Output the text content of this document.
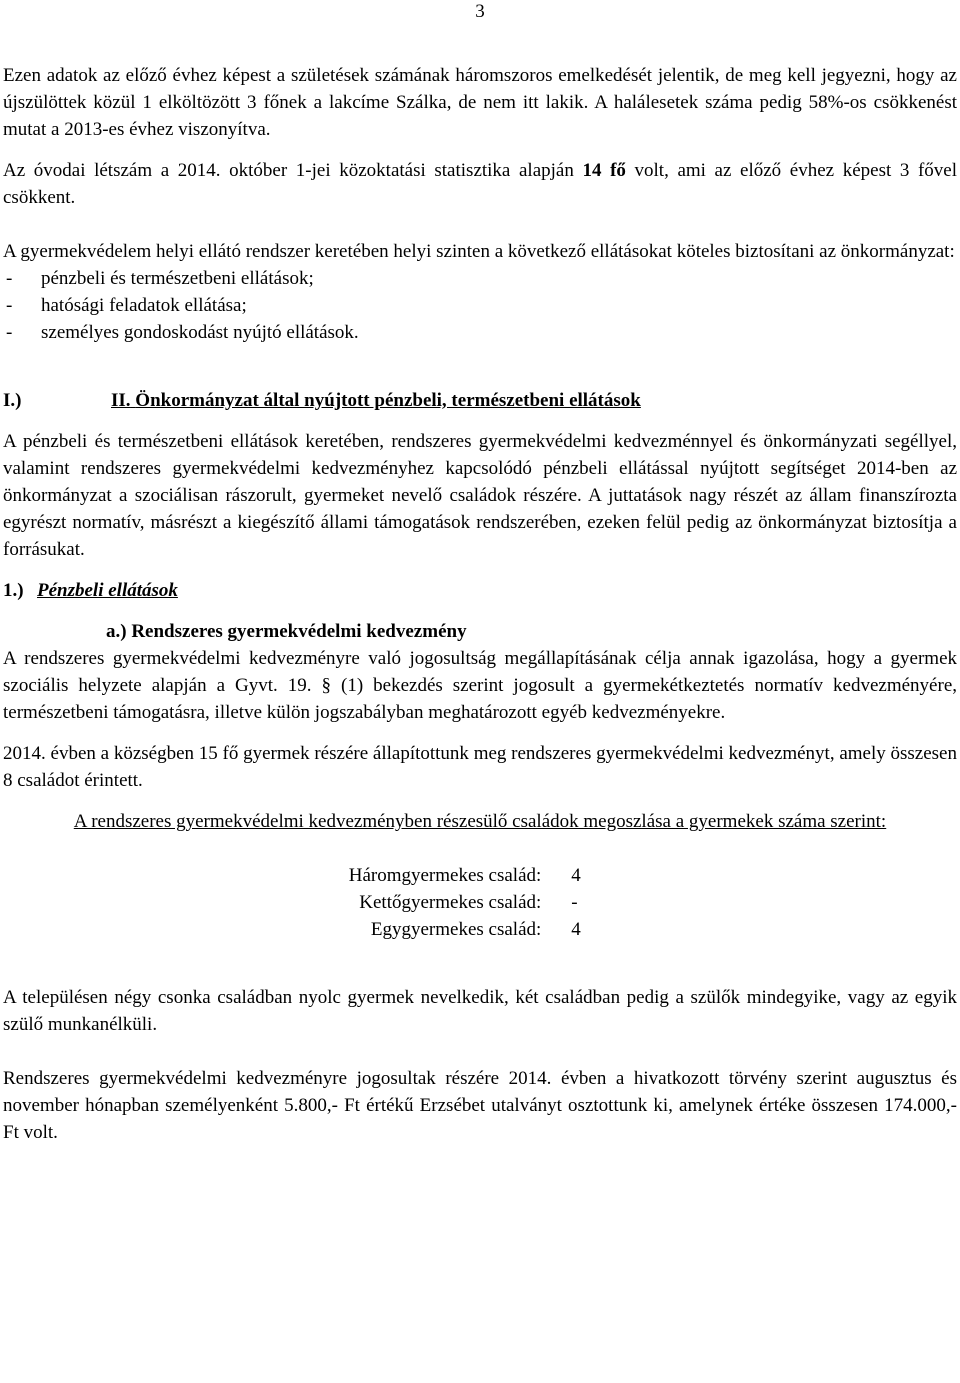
3

Ezen adatok az előző évhez képest a születések számának háromszoros emelkedését jelentik, de meg kell jegyezni, hogy az újszülöttek közül 1 elköltözött 3 főnek a lakcíme Szálka, de nem itt lakik. A halálesetek száma pedig 58%-os csökkenést mutat a 2013-es évhez viszonyítva.

Az óvodai létszám a 2014. október 1-jei közoktatási statisztika alapján 14 fő volt, ami az előző évhez képest 3 fővel csökkent.

A gyermekvédelem helyi ellátó rendszer keretében helyi szinten a következő ellátásokat köteles biztosítani az önkormányzat:

-	pénzbeli és természetbeni ellátások;
-	hatósági feladatok ellátása;
-	személyes gondoskodást nyújtó ellátások.
I.)	II. Önkormányzat által nyújtott pénzbeli, természetbeni ellátások

A pénzbeli és természetbeni ellátások keretében, rendszeres gyermekvédelmi kedvezménnyel és önkormányzati segéllyel, valamint rendszeres gyermekvédelmi kedvezményhez kapcsolódó pénzbeli ellátással nyújtott segítséget 2014-ben az önkormányzat a szociálisan rászorult, gyermeket nevelő családok részére. A juttatások nagy részét az állam finanszírozta egyrészt normatív, másrészt a kiegészítő állami támogatások rendszerében, ezeken felül pedig az önkormányzat biztosítja a forrásukat.

1.) Pénzbeli ellátások
a.) Rendszeres gyermekvédelmi kedvezmény

A rendszeres gyermekvédelmi kedvezményre való jogosultság megállapításának célja annak igazolása, hogy a gyermek szociális helyzete alapján a Gyvt. 19. § (1) bekezdés szerint jogosult a gyermekétkeztetés normatív kedvezményére, természetbeni támogatásra, illetve külön jogszabályban meghatározott egyéb kedvezményekre.

2014. évben a községben 15 fő gyermek részére állapítottunk meg rendszeres gyermekvédelmi kedvezményt, amely összesen 8 családot érintett.

A rendszeres gyermekvédelmi kedvezményben részesülő családok megoszlása a gyermekek száma szerint:
Háromgyermekes család:	4
Kettőgyermekes család:	-
Egygyermekes család:	4

A településen négy csonka családban nyolc gyermek nevelkedik, két családban pedig a szülők mindegyike, vagy az egyik szülő munkanélküli.

Rendszeres gyermekvédelmi kedvezményre jogosultak részére 2014. évben a hivatkozott törvény szerint augusztus és november hónapban személyenként 5.800,- Ft értékű Erzsébet utalványt osztottunk ki, amelynek értéke összesen 174.000,- Ft volt.
